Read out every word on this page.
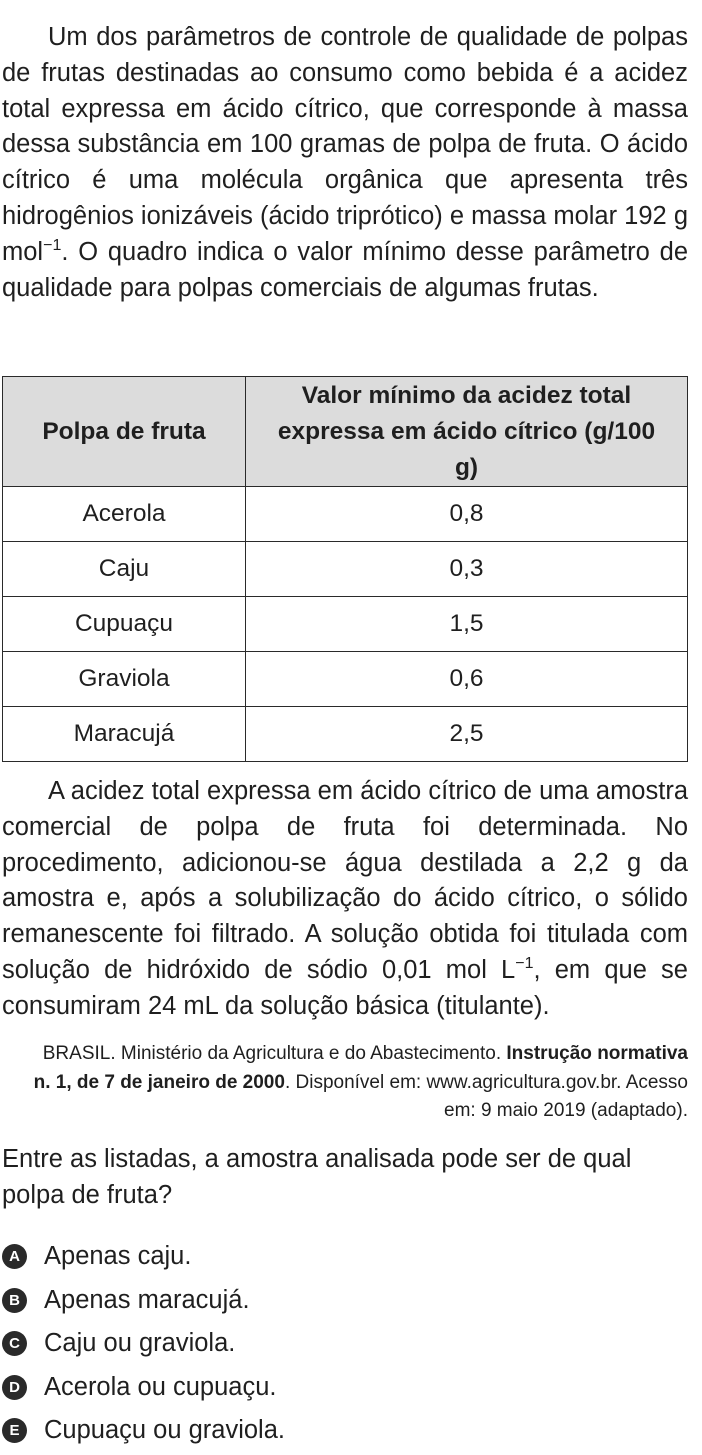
Um dos parâmetros de controle de qualidade de polpas de frutas destinadas ao consumo como bebida é a acidez total expressa em ácido cítrico, que corresponde à massa dessa substância em 100 gramas de polpa de fruta. O ácido cítrico é uma molécula orgânica que apresenta três hidrogênios ionizáveis (ácido triprótico) e massa molar 192 g mol$^{-1}$. O quadro indica o valor mínimo desse parâmetro de qualidade para polpas comerciais de algumas frutas.

Polpa de fruta	Valor mínimo da acidez total expressa em ácido cítrico (g/100 g)
Acerola	0,8
Caju	0,3
Cupuaçu	1,5
Graviola	0,6
Maracujá	2,5

A acidez total expressa em ácido cítrico de uma amostra comercial de polpa de fruta foi determinada. No procedimento, adicionou-se água destilada a 2,2 g da amostra e, após a solubilização do ácido cítrico, o sólido remanescente foi filtrado. A solução obtida foi titulada com solução de hidróxido de sódio 0,01 mol $L^{-1}$, em que se consumiram 24 mL da solução básica (titulante).

BRASIL. Ministério da Agricultura e do Abastecimento. Instrução normativa n. 1, de 7 de janeiro de 2000. Disponível em: www.agricultura.gov.br. Acesso em: 9 maio 2019 (adaptado).

Entre as listadas, a amostra analisada pode ser de qual polpa de fruta?

A Apenas caju.
B Apenas maracujá.
C Caju ou graviola.
D Acerola ou cupuaçu.
E Cupuaçu ou graviola.
